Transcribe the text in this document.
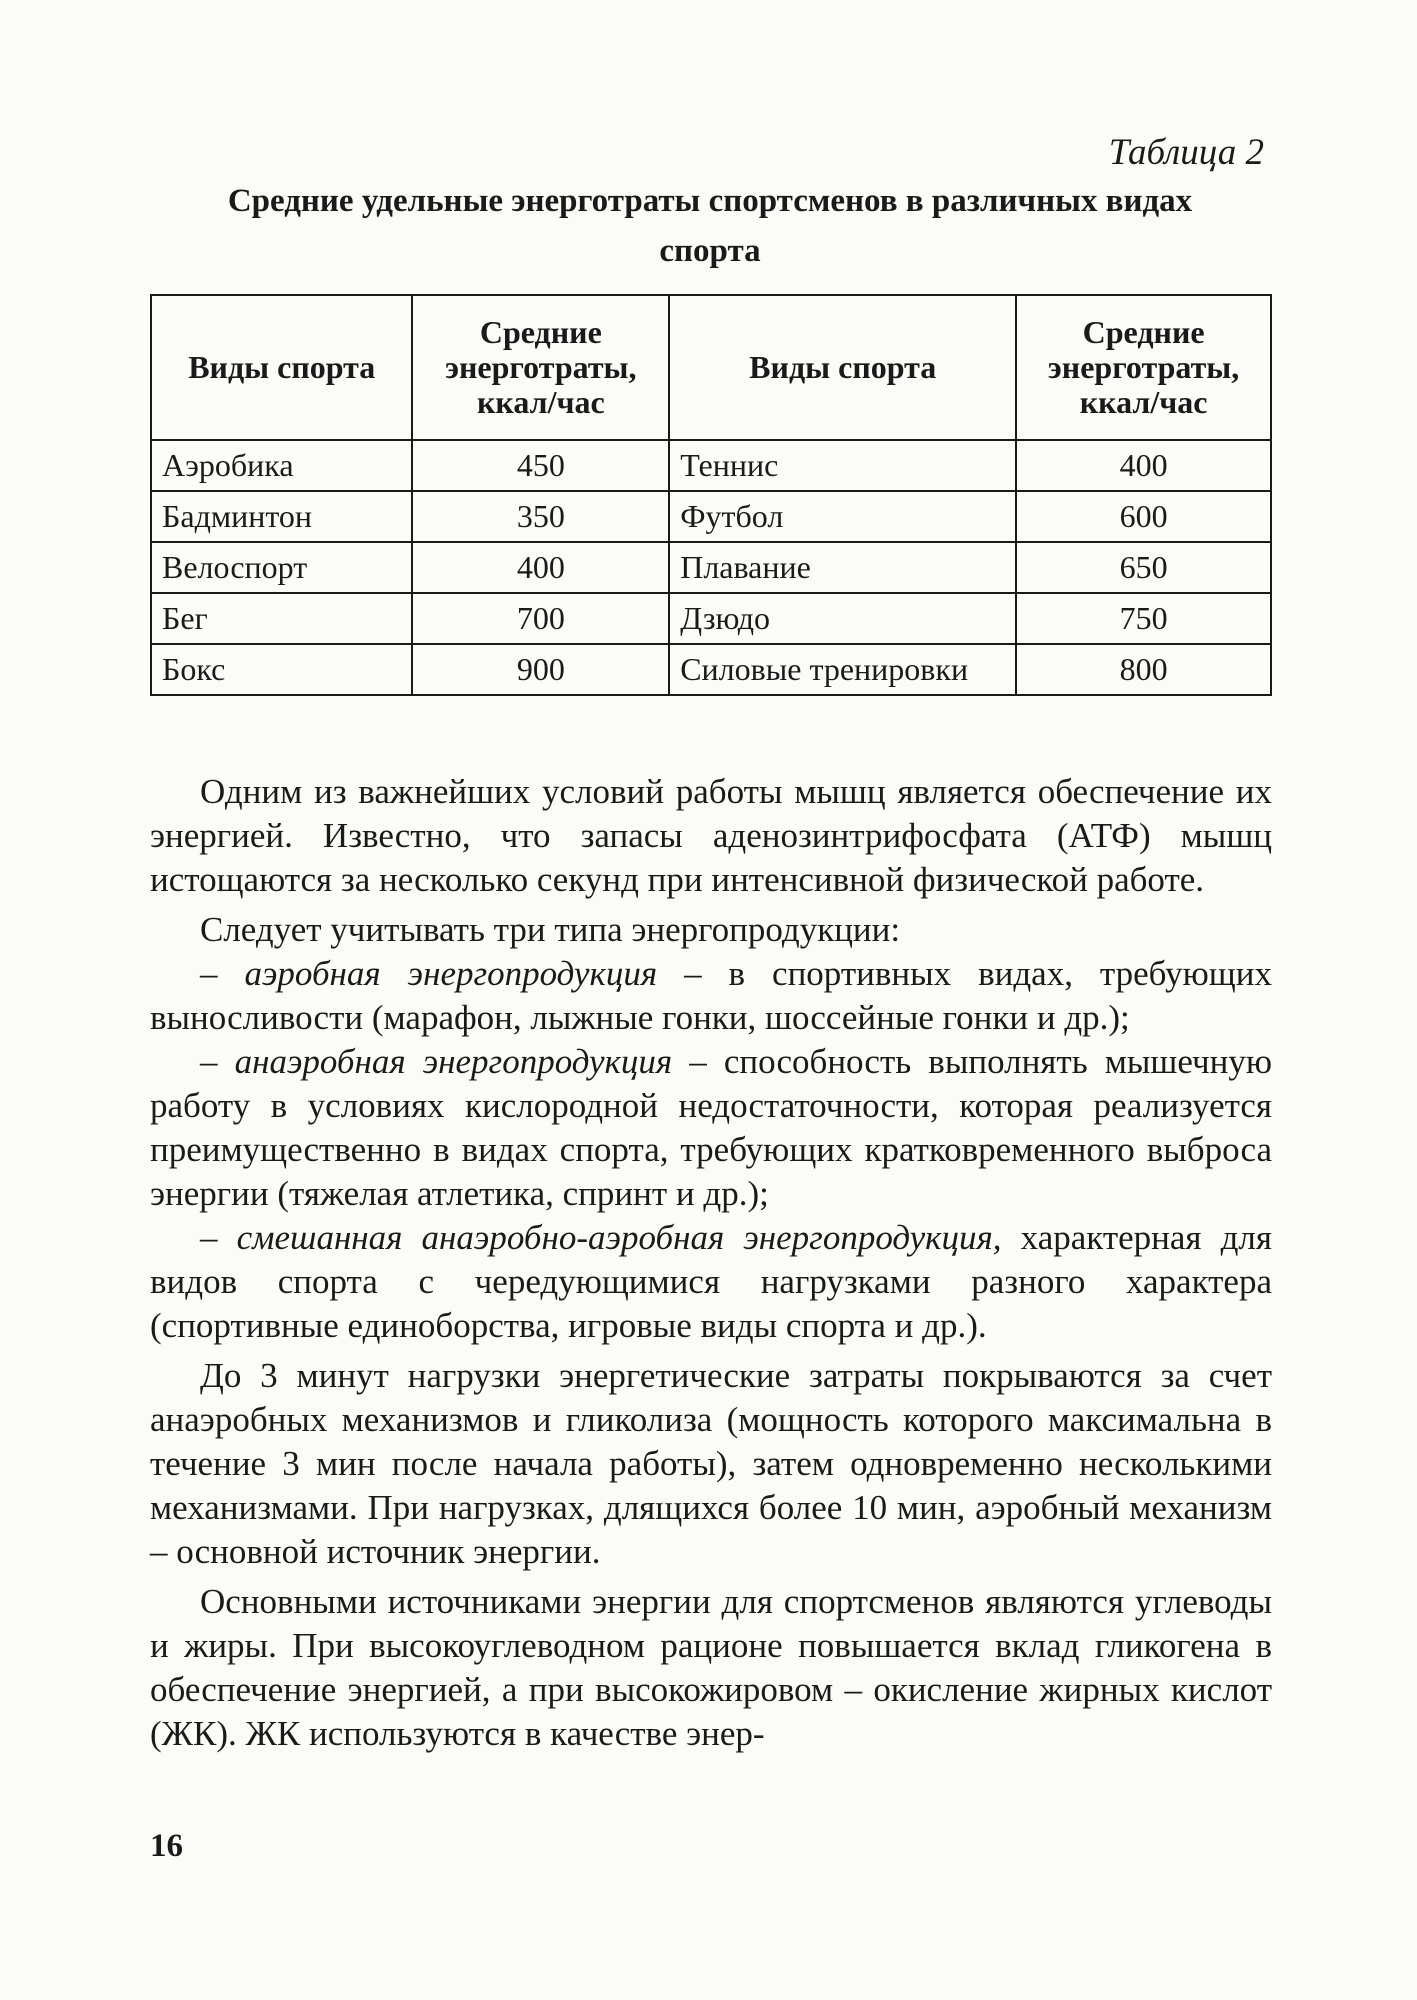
Таблица 2

Средние удельные энерготраты спортсменов в различных видах спорта

Виды спорта	Средние энерготраты, ккал/час	Виды спорта	Средние энерготраты, ккал/час
Аэробика	450	Теннис	400
Бадминтон	350	Футбол	600
Велоспорт	400	Плавание	650
Бег	700	Дзюдо	750
Бокс	900	Силовые тренировки	800

Одним из важнейших условий работы мышц является обеспечение их энергией. Известно, что запасы аденозинтрифосфата (АТФ) мышц истощаются за несколько секунд при интенсивной физической работе.

Следует учитывать три типа энергопродукции:

– аэробная энергопродукция – в спортивных видах, требующих выносливости (марафон, лыжные гонки, шоссейные гонки и др.);

– анаэробная энергопродукция – способность выполнять мышечную работу в условиях кислородной недостаточности, которая реализуется преимущественно в видах спорта, требующих кратковременного выброса энергии (тяжелая атлетика, спринт и др.);

– смешанная анаэробно-аэробная энергопродукция, характерная для видов спорта с чередующимися нагрузками разного характера (спортивные единоборства, игровые виды спорта и др.).

До 3 минут нагрузки энергетические затраты покрываются за счет анаэробных механизмов и гликолиза (мощность которого максимальна в течение 3 мин после начала работы), затем одновременно несколькими механизмами. При нагрузках, длящихся более 10 мин, аэробный механизм – основной источник энергии.

Основными источниками энергии для спортсменов являются углеводы и жиры. При высокоуглеводном рационе повышается вклад гликогена в обеспечение энергией, а при высокожировом – окисление жирных кислот (ЖК). ЖК используются в качестве энер-

16
